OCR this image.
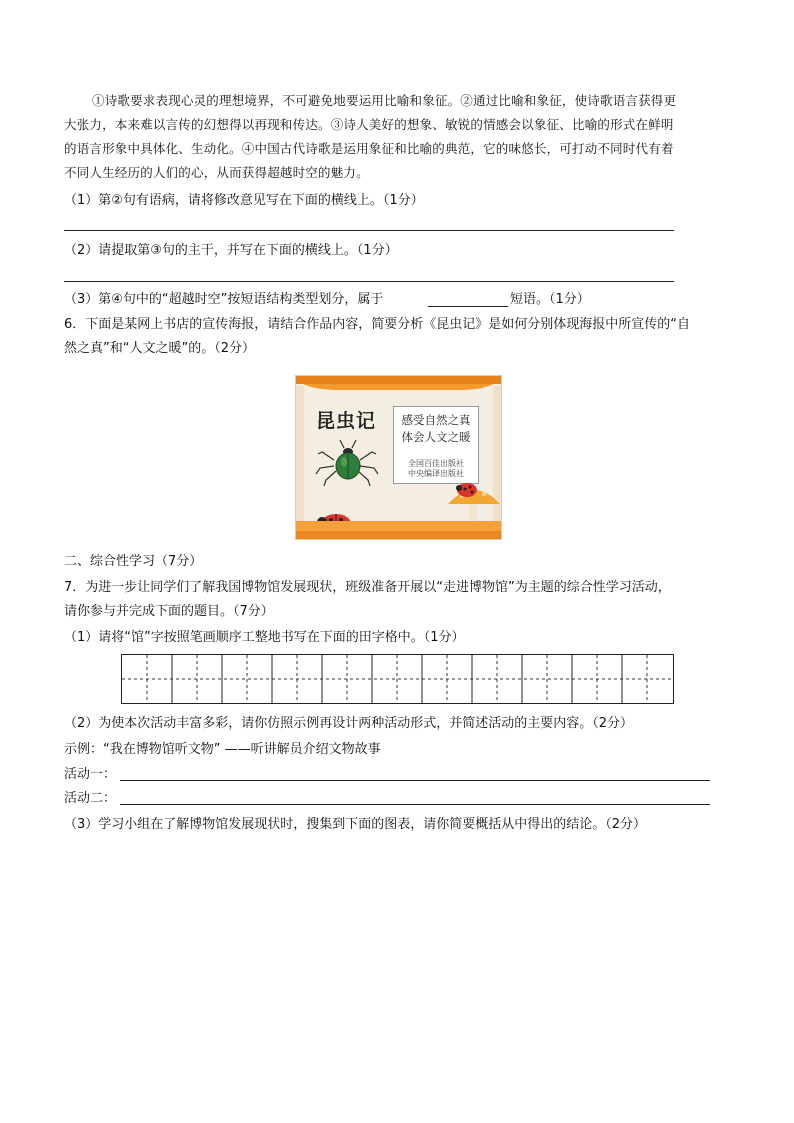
①诗歌要求表现心灵的理想境界，不可避免地要运用比喻和象征。②通过比喻和象征，使诗歌语言获得更
大张力，本来难以言传的幻想得以再现和传达。③诗人美好的想象、敏锐的情感会以象征、比喻的形式在鲜明
的语言形象中具体化、生动化。④中国古代诗歌是运用象征和比喻的典范，它的味悠长，可打动不同时代有着
不同人生经历的人们的心，从而获得超越时空的魅力。
（1）第②句有语病，请将修改意见写在下面的横线上。（1分）
（2）请提取第③句的主干，并写在下面的横线上。（1分）
（3）第④句中的“超越时空”按短语结构类型划分，属于	短语。（1分）
6．下面是某网上书店的宣传海报，请结合作品内容，简要分析《昆虫记》是如何分别体现海报中所宣传的“自
然之真”和“人文之暖”的。（2分）
昆虫记	感受自然之真
体会人文之暖
全国百佳出版社
中央编译出版社
二、综合性学习（7分）
7．为进一步让同学们了解我国博物馆发展现状，班级准备开展以“走进博物馆”为主题的综合性学习活动，
请你参与并完成下面的题目。（7分）
（1）请将“馆”字按照笔画顺序工整地书写在下面的田字格中。（1分）
（2）为使本次活动丰富多彩，请你仿照示例再设计两种活动形式，并简述活动的主要内容。（2分）
示例：“我在博物馆听文物” ——听讲解员介绍文物故事
活动一：
活动二：
（3）学习小组在了解博物馆发展现状时，搜集到下面的图表，请你简要概括从中得出的结论。（2分）
